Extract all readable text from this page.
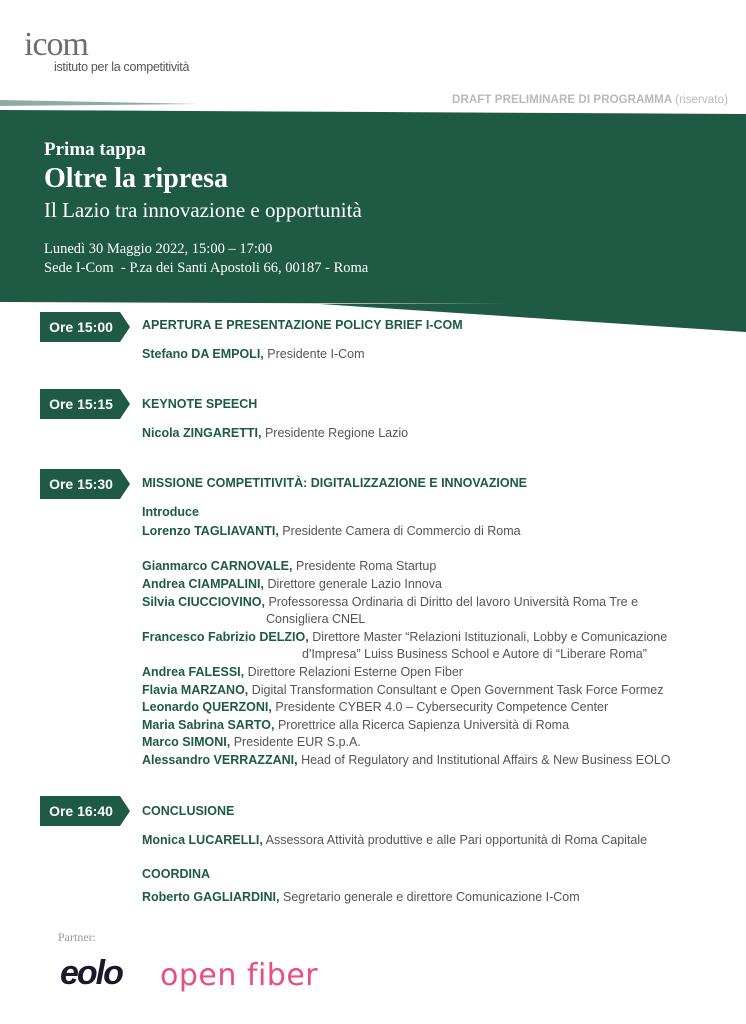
icom
istituto per la competitività
DRAFT PRELIMINARE DI PROGRAMMA (riservato)
Prima tappa
Oltre la ripresa
Il Lazio tra innovazione e opportunità
Lunedì 30 Maggio 2022, 15:00 – 17:00
Sede I-Com  - P.za dei Santi Apostoli 66, 00187 - Roma
Ore 15:00	APERTURA E PRESENTAZIONE POLICY BRIEF I-COM
Stefano DA EMPOLI, Presidente I-Com
Ore 15:15	KEYNOTE SPEECH
Nicola ZINGARETTI, Presidente Regione Lazio
Ore 15:30	MISSIONE COMPETITIVITÀ: DIGITALIZZAZIONE E INNOVAZIONE
Introduce
Lorenzo TAGLIAVANTI, Presidente Camera di Commercio di Roma
Gianmarco CARNOVALE, Presidente Roma Startup
Andrea CIAMPALINI, Direttore generale Lazio Innova
Silvia CIUCCIOVINO, Professoressa Ordinaria di Diritto del lavoro Università Roma Tre e
Consigliera CNEL
Francesco Fabrizio DELZIO, Direttore Master “Relazioni Istituzionali, Lobby e Comunicazione
d'Impresa” Luiss Business School e Autore di “Liberare Roma”
Andrea FALESSI, Direttore Relazioni Esterne Open Fiber
Flavia MARZANO, Digital Transformation Consultant e Open Government Task Force Formez
Leonardo QUERZONI, Presidente CYBER 4.0 – Cybersecurity Competence Center
Maria Sabrina SARTO, Prorettrice alla Ricerca Sapienza Università di Roma
Marco SIMONI, Presidente EUR S.p.A.
Alessandro VERRAZZANI, Head of Regulatory and Institutional Affairs & New Business EOLO
Ore 16:40	CONCLUSIONE
Monica LUCARELLI, Assessora Attività produttive e alle Pari opportunità di Roma Capitale
COORDINA
Roberto GAGLIARDINI, Segretario generale e direttore Comunicazione I-Com
Partner:
eolo open fiber
